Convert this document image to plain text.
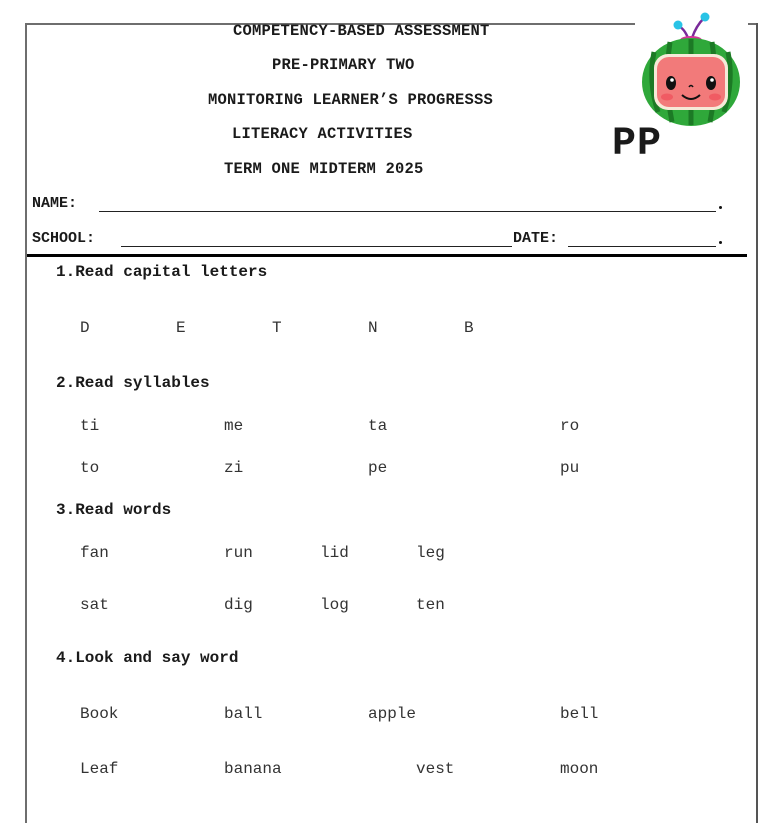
COMPETENCY-BASED ASSESSMENT
PRE-PRIMARY TWO
MONITORING LEARNER’S PROGRESSS
LITERACY ACTIVITIES
TERM ONE MIDTERM 2025
PP
NAME:
SCHOOL:	DATE:
1.Read capital letters
D	E	T	N	B
2.Read syllables
ti	me	ta	ro
to	zi	pe	pu
3.Read words
fan	run	lid	leg
sat	dig	log	ten
4.Look and say word
Book	ball	apple	bell
Leaf	banana	vest	moon
